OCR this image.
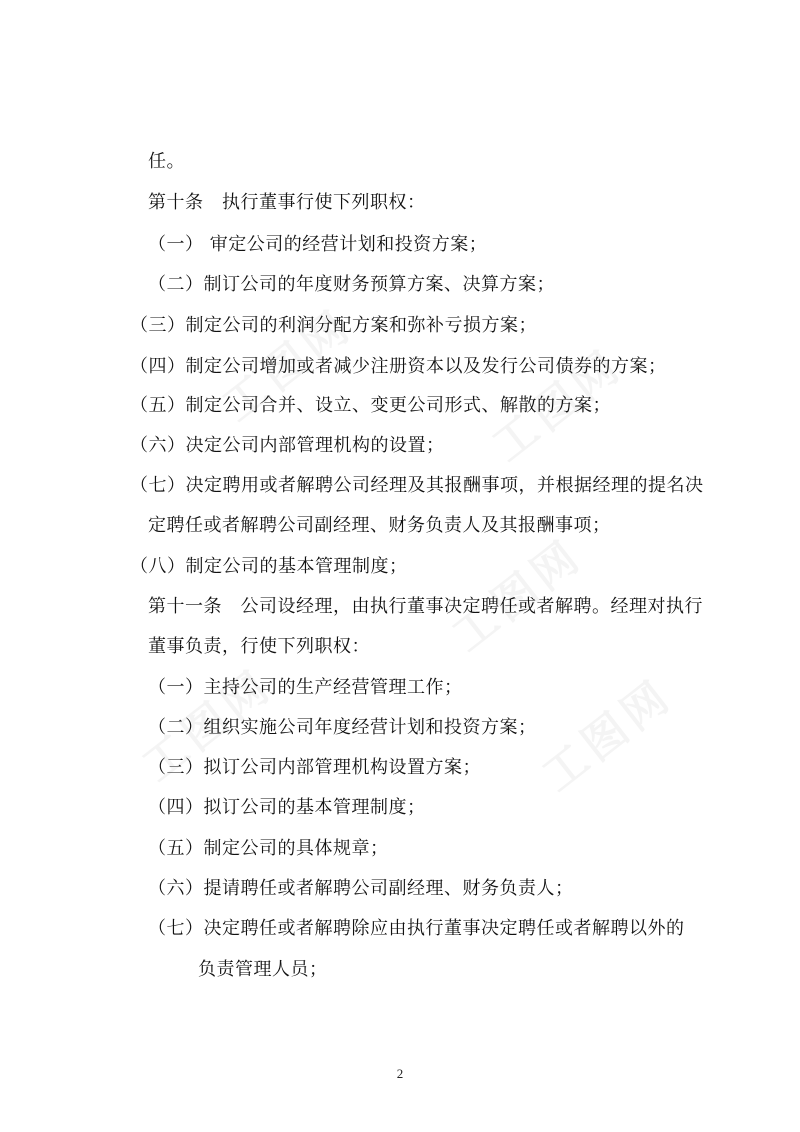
任。
第十条　执行董事行使下列职权：
（一） 审定公司的经营计划和投资方案；
（二）制订公司的年度财务预算方案、决算方案；
（三）制定公司的利润分配方案和弥补亏损方案；
（四）制定公司增加或者减少注册资本以及发行公司债券的方案；
（五）制定公司合并、设立、变更公司形式、解散的方案；
（六）决定公司内部管理机构的设置；
（七）决定聘用或者解聘公司经理及其报酬事项，并根据经理的提名决
定聘任或者解聘公司副经理、财务负责人及其报酬事项；
（八）制定公司的基本管理制度；
第十一条　公司设经理，由执行董事决定聘任或者解聘。经理对执行
董事负责，行使下列职权：
（一）主持公司的生产经营管理工作；
（二）组织实施公司年度经营计划和投资方案；
（三）拟订公司内部管理机构设置方案；
（四）拟订公司的基本管理制度；
（五）制定公司的具体规章；
（六）提请聘任或者解聘公司副经理、财务负责人；
（七）决定聘任或者解聘除应由执行董事决定聘任或者解聘以外的
负责管理人员；
2
